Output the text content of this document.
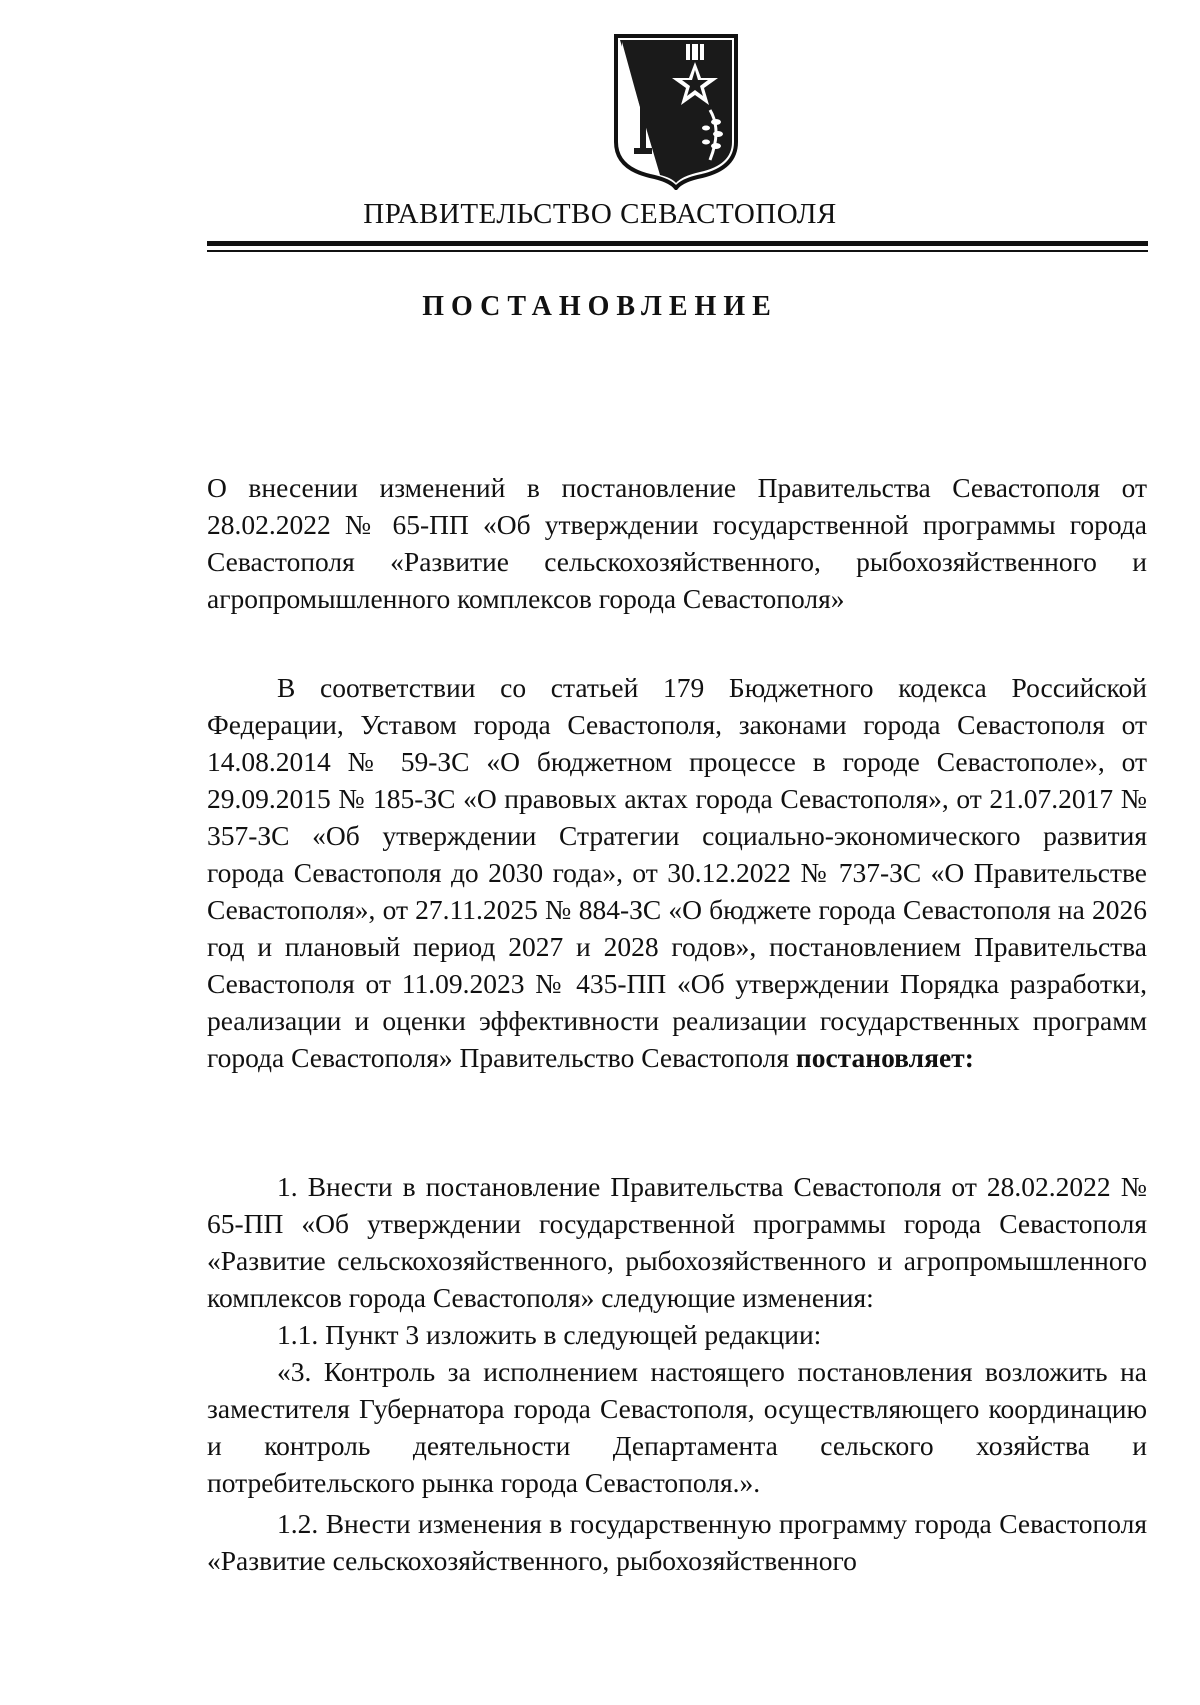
ПРАВИТЕЛЬСТВО СЕВАСТОПОЛЯ
ПОСТАНОВЛЕНИЕ

О внесении изменений в постановление Правительства Севастополя от 28.02.2022 № 65-ПП «Об утверждении государственной программы города Севастополя «Развитие сельскохозяйственного, рыбохозяйственного и агропромышленного комплексов города Севастополя»

В соответствии со статьей 179 Бюджетного кодекса Российской Федерации, Уставом города Севастополя, законами города Севастополя от 14.08.2014 № 59-ЗС «О бюджетном процессе в городе Севастополе», от 29.09.2015 № 185-ЗС «О правовых актах города Севастополя», от 21.07.2017 № 357-ЗС «Об утверждении Стратегии социально-экономического развития города Севастополя до 2030 года», от 30.12.2022 № 737-ЗС «О Правительстве Севастополя», от 27.11.2025 № 884-ЗС «О бюджете города Севастополя на 2026 год и плановый период 2027 и 2028 годов», постановлением Правительства Севастополя от 11.09.2023 № 435-ПП «Об утверждении Порядка разработки, реализации и оценки эффективности реализации государственных программ города Севастополя» Правительство Севастополя постановляет:

1. Внести в постановление Правительства Севастополя от 28.02.2022 № 65-ПП «Об утверждении государственной программы города Севастополя «Развитие сельскохозяйственного, рыбохозяйственного и агропромышленного комплексов города Севастополя» следующие изменения:

1.1. Пункт 3 изложить в следующей редакции:

«3. Контроль за исполнением настоящего постановления возложить на заместителя Губернатора города Севастополя, осуществляющего координацию и контроль деятельности Департамента сельского хозяйства и потребительского рынка города Севастополя.».

1.2. Внести изменения в государственную программу города Севастополя «Развитие сельскохозяйственного, рыбохозяйственного
